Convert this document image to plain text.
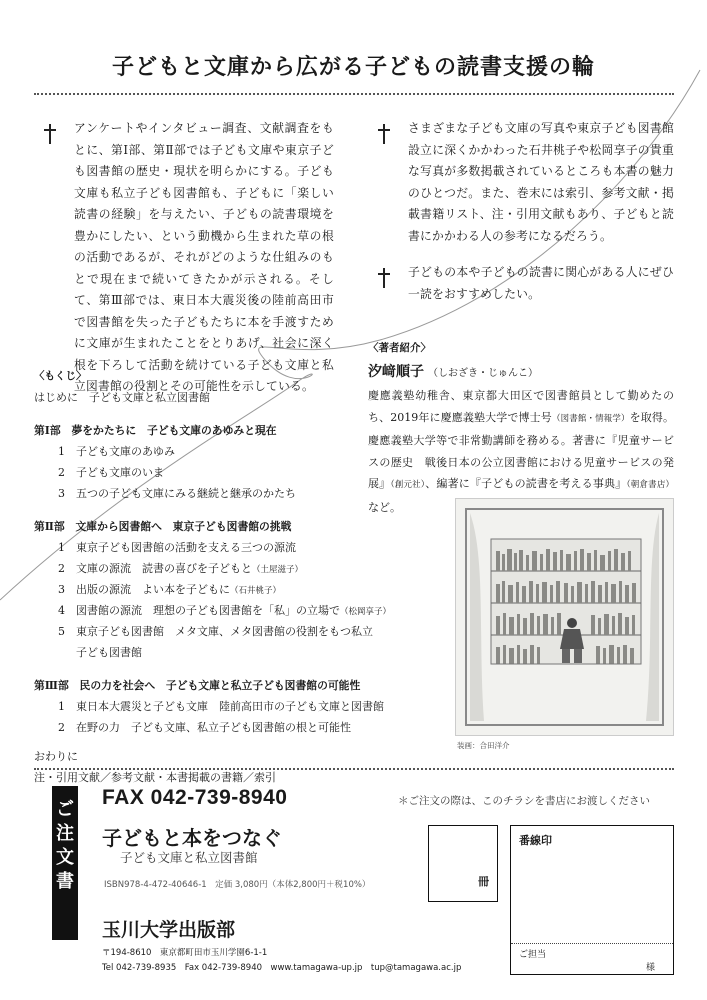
子どもと文庫から広がる子どもの読書支援の輪
アンケートやインタビュー調査、文献調査をもとに、第Ⅰ部、第Ⅱ部では子ども文庫や東京子ども図書館の歴史・現状を明らかにする。子ども文庫も私立子ども図書館も、子どもに「楽しい読書の経験」を与えたい、子どもの読書環境を豊かにしたい、という動機から生まれた草の根の活動であるが、それがどのような仕組みのもとで現在まで続いてきたかが示される。そして、第Ⅲ部では、東日本大震災後の陸前高田市で図書館を失った子どもたちに本を手渡すために文庫が生まれたことをとりあげ、社会に深く根を下ろして活動を続けている子ども文庫と私立図書館の役割とその可能性を示している。
さまざまな子ども文庫の写真や東京子ども図書館設立に深くかかわった石井桃子や松岡享子の貴重な写真が多数掲載されているところも本書の魅力のひとつだ。また、巻末には索引、参考文献・掲載書籍リスト、注・引用文献もあり、子どもと読書にかかわる人の参考になるだろう。
子どもの本や子どもの読書に関心がある人にぜひ一読をおすすめしたい。
〈もくじ〉
はじめに　子ども文庫と私立図書館
第Ⅰ部　夢をかたちに　子ども文庫のあゆみと現在
1 子ども文庫のあゆみ
2 子ども文庫のいま
3 五つの子ども文庫にみる継続と継承のかたち
第Ⅱ部　文庫から図書館へ　東京子ども図書館の挑戦
1 東京子ども図書館の活動を支える三つの源流
2 文庫の源流　読書の喜びを子どもと（土屋滋子）
3 出版の源流　よい本を子どもに（石井桃子）
4 図書館の源流　理想の子ども図書館を「私」の立場で（松岡享子）
5 東京子ども図書館　メタ文庫、メタ図書館の役割をもつ私立
子ども図書館
第Ⅲ部　民の力を社会へ　子ども文庫と私立子ども図書館の可能性
1 東日本大震災と子ども文庫　陸前高田市の子ども文庫と図書館
2 在野の力　子ども文庫、私立子ども図書館の根と可能性
おわりに
注・引用文献／参考文献・本書掲載の書籍／索引
〈著者紹介〉
汐﨑順子 （しおざき・じゅんこ）
慶應義塾幼稚舎、東京都大田区で図書館員として勤めたのち、2019年に慶應義塾大学で博士号（図書館・情報学）を取得。慶應義塾大学等で非常勤講師を務める。著書に『児童サービスの歴史　戦後日本の公立図書館における児童サービスの発展』（創元社）、編著に『子どもの読書を考える事典』（朝倉書店）など。
装画：合田洋介
ご
注
文
書
FAX 042-739-8940	＊ご注文の際は、このチラシを書店にお渡しください
子どもと本をつなぐ
子ども文庫と私立図書館
ISBN978-4-472-40646-1　定価 3,080円（本体2,800円＋税10%）
玉川大学出版部
〒194-8610　東京都町田市玉川学園6-1-1
Tel 042-739-8935　Fax 042-739-8940　www.tamagawa-up.jp　tup@tamagawa.ac.jp
冊
番線印
ご担当
様
